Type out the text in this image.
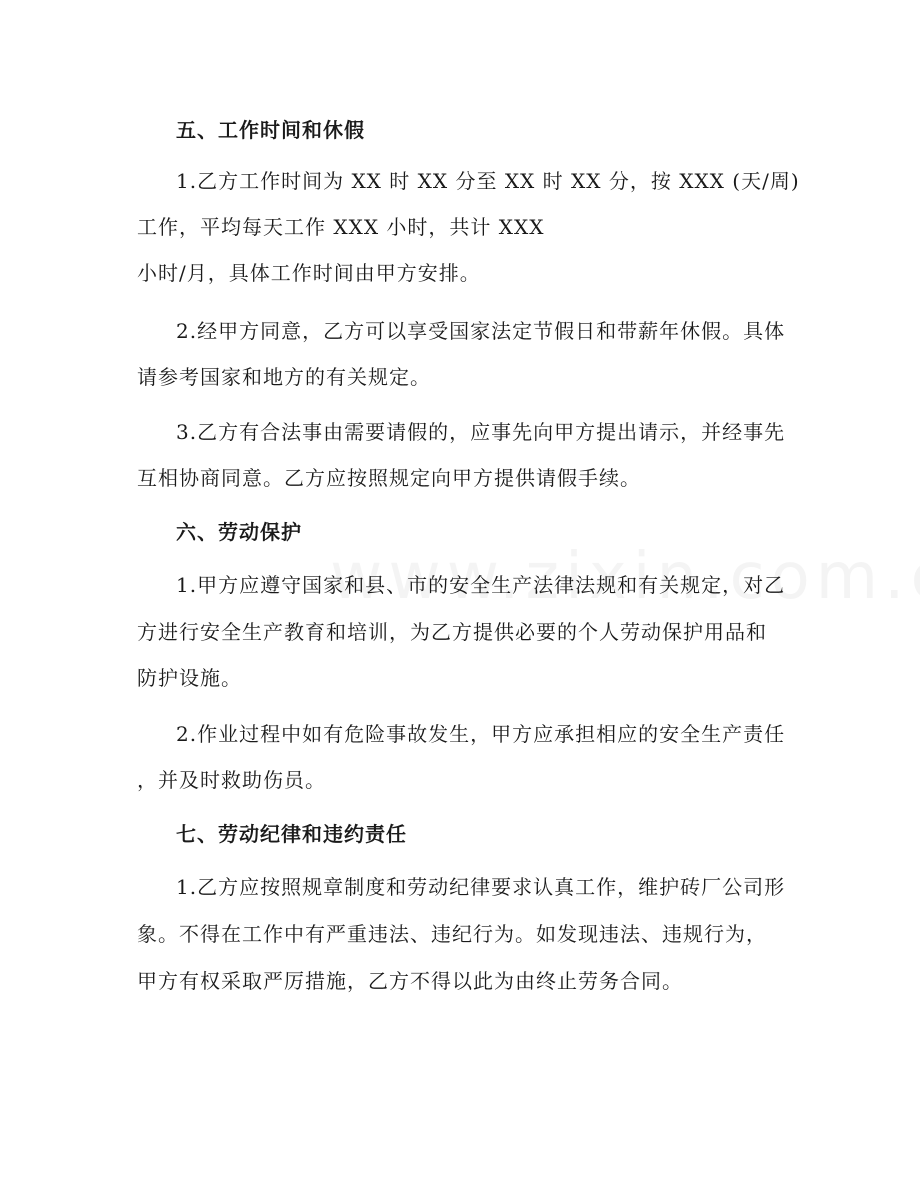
五、工作时间和休假
1.乙方工作时间为 XX 时 XX 分至 XX 时 XX 分，按 XXX (天/周)
工作，平均每天工作 XXX 小时，共计 XXX
小时/月，具体工作时间由甲方安排。
2.经甲方同意，乙方可以享受国家法定节假日和带薪年休假。具体
请参考国家和地方的有关规定。
3.乙方有合法事由需要请假的，应事先向甲方提出请示，并经事先
互相协商同意。乙方应按照规定向甲方提供请假手续。
六、劳动保护
1.甲方应遵守国家和县、市的安全生产法律法规和有关规定，对乙
方进行安全生产教育和培训，为乙方提供必要的个人劳动保护用品和
防护设施。
2.作业过程中如有危险事故发生，甲方应承担相应的安全生产责任
，并及时救助伤员。
七、劳动纪律和违约责任
1.乙方应按照规章制度和劳动纪律要求认真工作，维护砖厂公司形
象。不得在工作中有严重违法、违纪行为。如发现违法、违规行为，
甲方有权采取严厉措施，乙方不得以此为由终止劳务合同。
